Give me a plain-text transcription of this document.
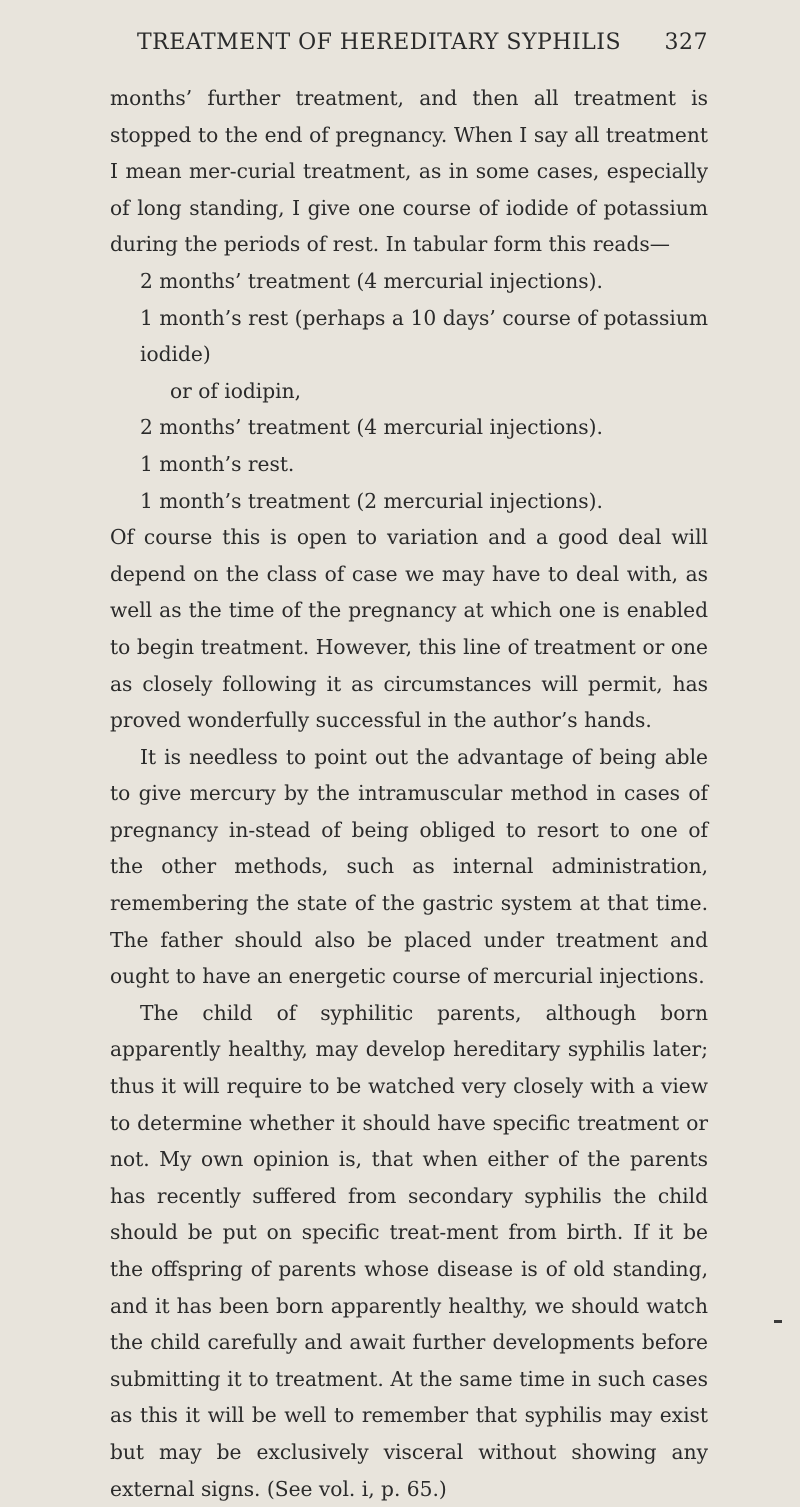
TREATMENT OF HEREDITARY SYPHILIS	327

months’ further treatment, and then all treatment is stopped to the end of pregnancy. When I say all treatment I mean mer-curial treatment, as in some cases, especially of long standing, I give one course of iodide of potassium during the periods of rest. In tabular form this reads—

2 months’ treatment (4 mercurial injections).

1 month’s rest (perhaps a 10 days’ course of potassium iodide)
or of iodipin,

2 months’ treatment (4 mercurial injections).

1 month’s rest.

1 month’s treatment (2 mercurial injections).

Of course this is open to variation and a good deal will depend on the class of case we may have to deal with, as well as the time of the pregnancy at which one is enabled to begin treatment. However, this line of treatment or one as closely following it as circumstances will permit, has proved wonderfully successful in the author’s hands.

It is needless to point out the advantage of being able to give mercury by the intramuscular method in cases of pregnancy in-stead of being obliged to resort to one of the other methods, such as internal administration, remembering the state of the gastric system at that time. The father should also be placed under treatment and ought to have an energetic course of mercurial injections.

The child of syphilitic parents, although born apparently healthy, may develop hereditary syphilis later; thus it will require to be watched very closely with a view to determine whether it should have specific treatment or not. My own opinion is, that when either of the parents has recently suffered from secondary syphilis the child should be put on specific treat-ment from birth. If it be the offspring of parents whose disease is of old standing, and it has been born apparently healthy, we should watch the child carefully and await further developments before submitting it to treatment. At the same time in such cases as this it will be well to remember that syphilis may exist but may be exclusively visceral without showing any external signs. (See vol. i, p. 65.)
